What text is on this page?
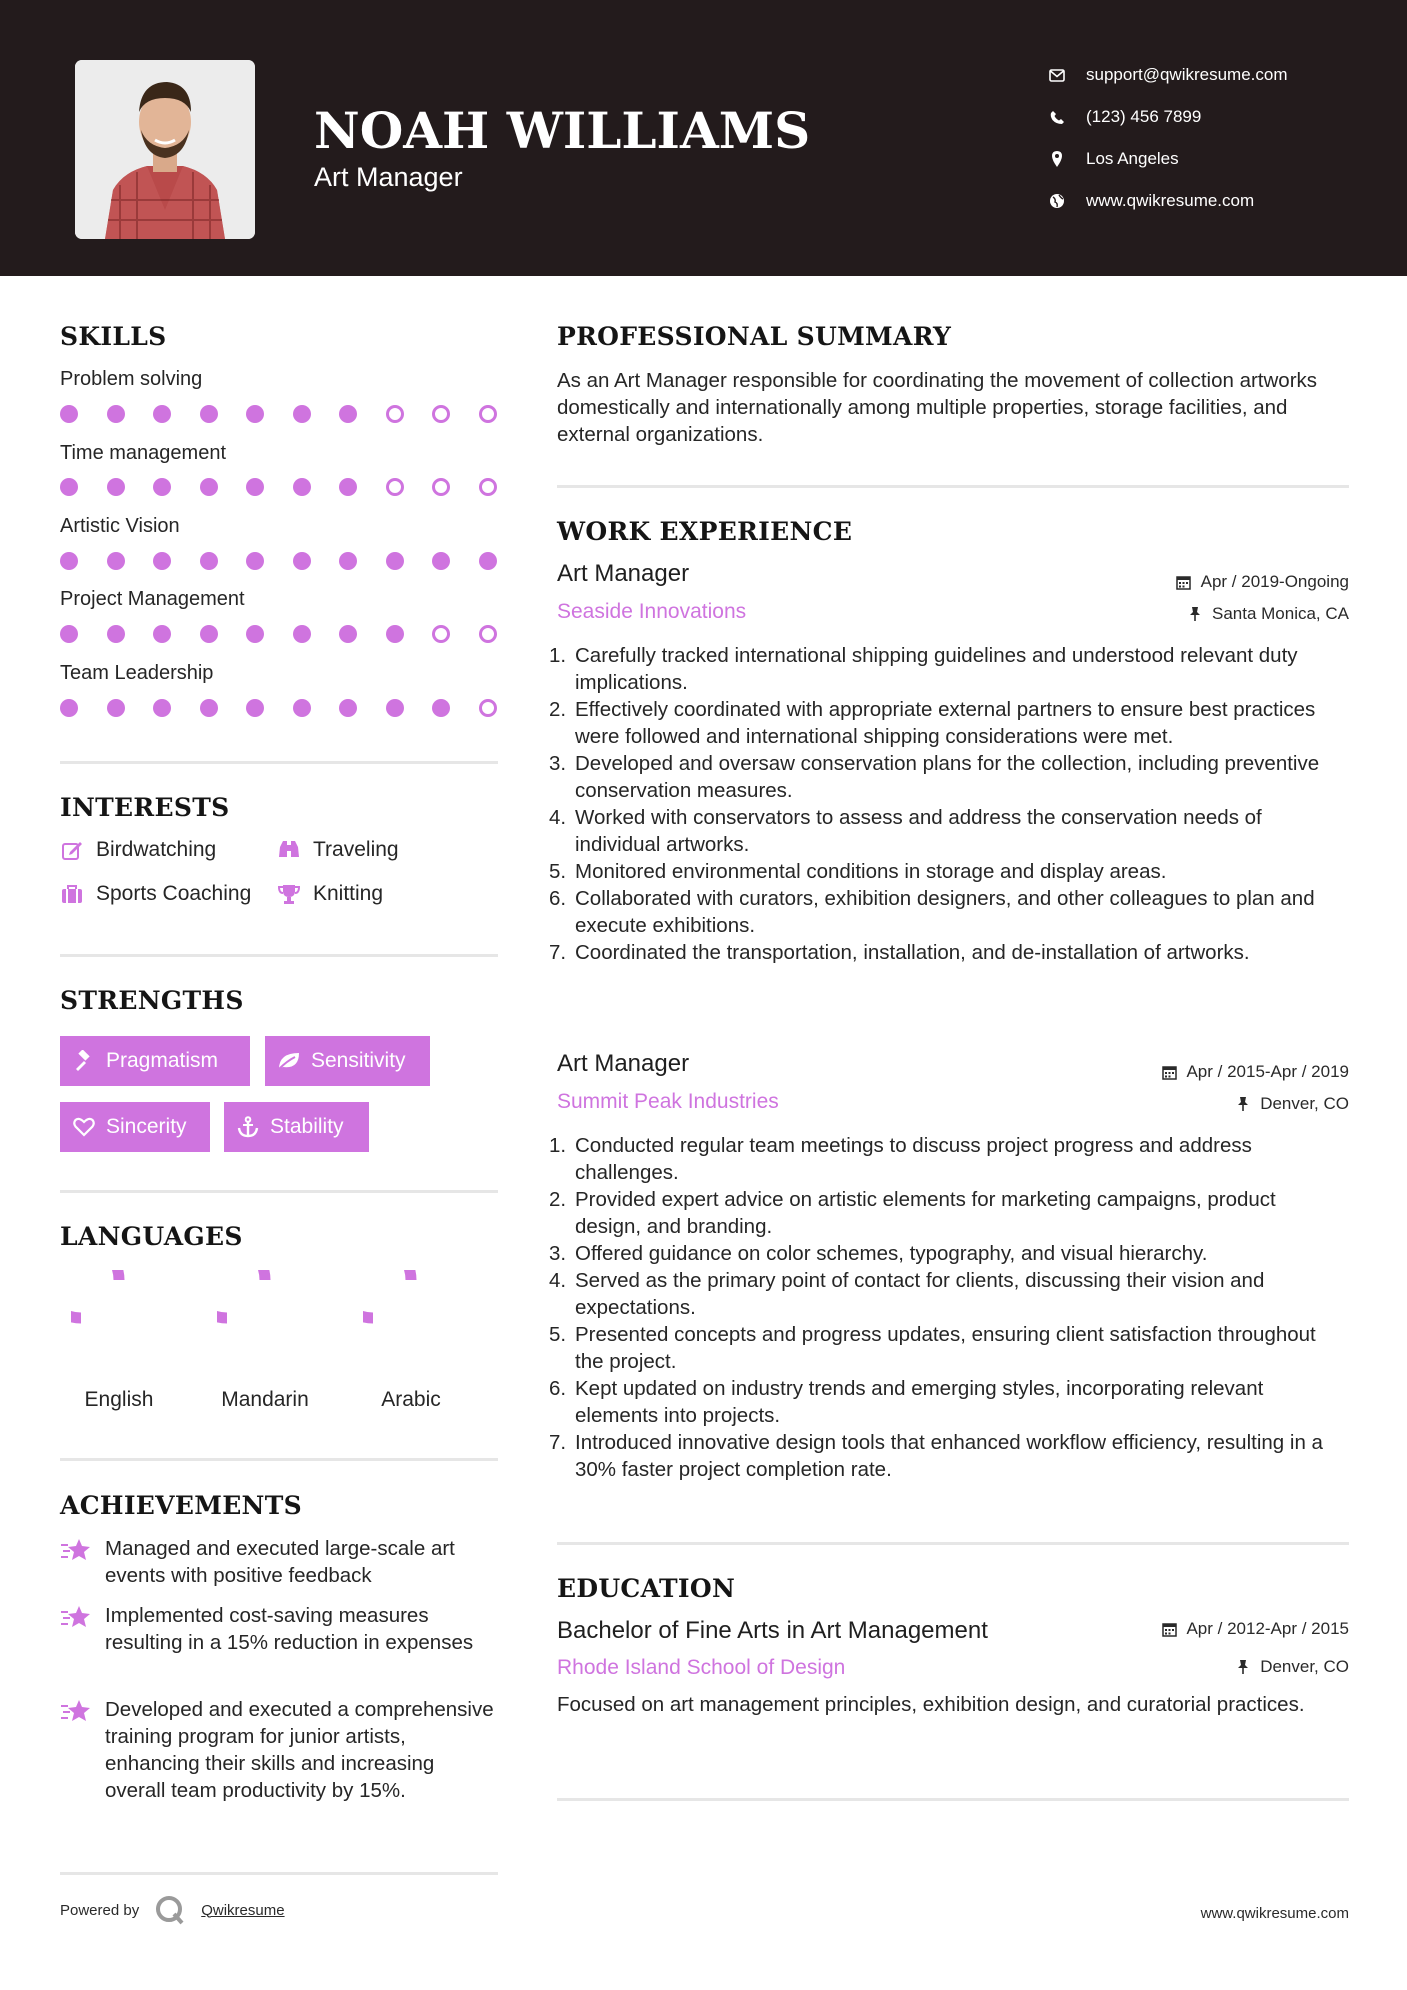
NOAH WILLIAMS
Art Manager
support@qwikresume.com
(123) 456 7899
Los Angeles
www.qwikresume.com
SKILLS
Problem solving
Time management
Artistic Vision
Project Management
Team Leadership
INTERESTS
Birdwatching	Traveling
Sports Coaching	Knitting
STRENGTHS
Pragmatism	Sensitivity
Sincerity	Stability
LANGUAGES
English	Mandarin	Arabic
ACHIEVEMENTS
Managed and executed large-scale art events with positive feedback
Implemented cost-saving measures resulting in a 15% reduction in expenses
Developed and executed a comprehensive training program for junior artists, enhancing their skills and increasing overall team productivity by 15%.
Powered by	Qwikresume	www.qwikresume.com
PROFESSIONAL SUMMARY
As an Art Manager responsible for coordinating the movement of collection artworks domestically and internationally among multiple properties, storage facilities, and external organizations.
WORK EXPERIENCE
Art Manager	Apr / 2019-Ongoing
Seaside Innovations	Santa Monica, CA
1. Carefully tracked international shipping guidelines and understood relevant duty implications.
2. Effectively coordinated with appropriate external partners to ensure best practices were followed and international shipping considerations were met.
3. Developed and oversaw conservation plans for the collection, including preventive conservation measures.
4. Worked with conservators to assess and address the conservation needs of individual artworks.
5. Monitored environmental conditions in storage and display areas.
6. Collaborated with curators, exhibition designers, and other colleagues to plan and execute exhibitions.
7. Coordinated the transportation, installation, and de-installation of artworks.
Art Manager	Apr / 2015-Apr / 2019
Summit Peak Industries	Denver, CO
1. Conducted regular team meetings to discuss project progress and address challenges.
2. Provided expert advice on artistic elements for marketing campaigns, product design, and branding.
3. Offered guidance on color schemes, typography, and visual hierarchy.
4. Served as the primary point of contact for clients, discussing their vision and expectations.
5. Presented concepts and progress updates, ensuring client satisfaction throughout the project.
6. Kept updated on industry trends and emerging styles, incorporating relevant elements into projects.
7. Introduced innovative design tools that enhanced workflow efficiency, resulting in a 30% faster project completion rate.
EDUCATION
Bachelor of Fine Arts in Art Management	Apr / 2012-Apr / 2015
Rhode Island School of Design	Denver, CO
Focused on art management principles, exhibition design, and curatorial practices.
